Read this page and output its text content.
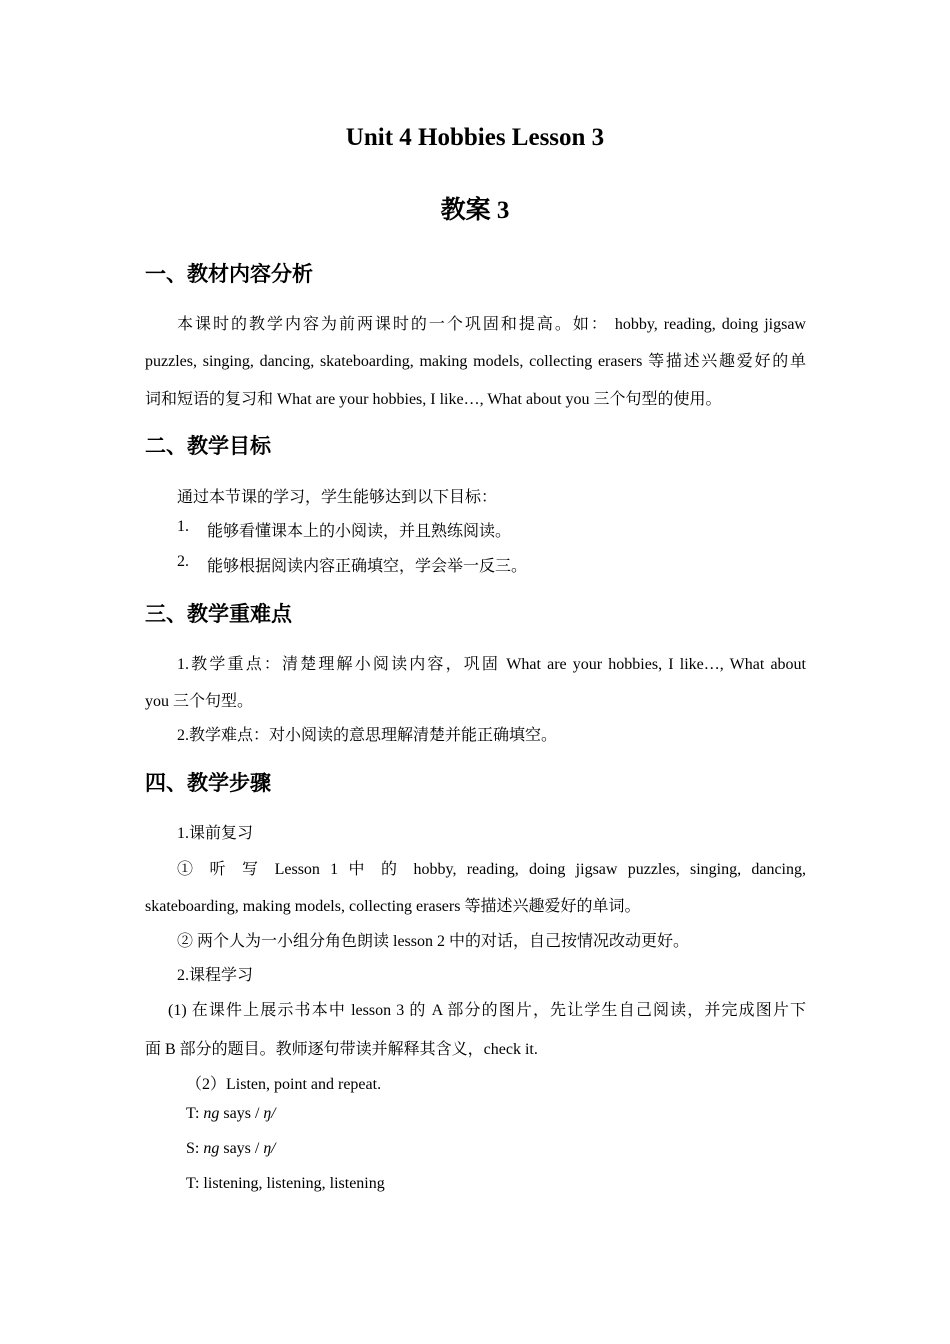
Unit 4 Hobbies Lesson 3
教案 3
一、教材内容分析
本课时的教学内容为前两课时的一个巩固和提高。如： hobby, reading, doing jigsaw
puzzles, singing, dancing, skateboarding, making models, collecting erasers 等描述兴趣爱好的单
词和短语的复习和 What are your hobbies, I like…, What about you 三个句型的使用。
二、教学目标
通过本节课的学习，学生能够达到以下目标：
1. 能够看懂课本上的小阅读，并且熟练阅读。
2. 能够根据阅读内容正确填空，学会举一反三。
三、教学重难点
1.教学重点：清楚理解小阅读内容，巩固 What are your hobbies, I like…, What about
you 三个句型。
2.教学难点：对小阅读的意思理解清楚并能正确填空。
四、教学步骤
1.课前复习
① 听 写 Lesson 1 中 的 hobby, reading, doing jigsaw puzzles, singing, dancing,
skateboarding, making models, collecting erasers 等描述兴趣爱好的单词。
② 两个人为一小组分角色朗读 lesson 2 中的对话，自己按情况改动更好。
2.课程学习
(1) 在课件上展示书本中 lesson 3 的 A 部分的图片，先让学生自己阅读，并完成图片下
面 B 部分的题目。教师逐句带读并解释其含义，check it.
（2）Listen, point and repeat.
T: ng says / ŋ/
S: ng says / ŋ/
T: listening, listening, listening
